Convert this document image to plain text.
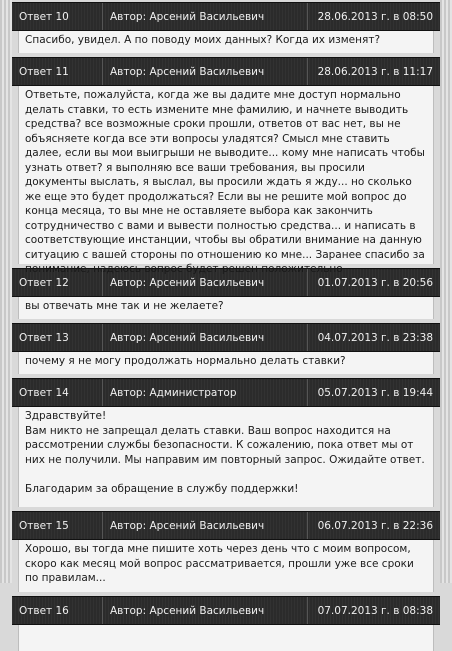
Ответ 10	Автор: Арсений Васильевич	28.06.2013 г. в 08:50
Спасибо, увидел. А по поводу моих данных? Когда их изменят?
Ответ 11	Автор: Арсений Васильевич	28.06.2013 г. в 11:17
Ответьте, пожалуйста, когда же вы дадите мне доступ нормально делать ставки, то есть измените мне фамилию, и начнете выводить средства? все возможные сроки прошли, ответов от вас нет, вы не объясняете когда все эти вопросы уладятся? Смысл мне ставить далее, если вы мои выигрыши не выводите... кому мне написать чтобы узнать ответ? я выполняю все ваши требования, вы просили документы выслать, я выслал, вы просили ждать я жду... но сколько же еще это будет продолжаться? Если вы не решите мой вопрос до конца месяца, то вы мне не оставляете выбора как закончить сотрудничество с вами и вывести полностью средства... и написать в соответствующие инстанции, чтобы вы обратили внимание на данную ситуацию с вашей стороны по отношению ко мне... Заранее спасибо за понимание, надеюсь вопрос будет решен положительно
Ответ 12	Автор: Арсений Васильевич	01.07.2013 г. в 20:56
вы отвечать мне так и не желаете?
Ответ 13	Автор: Арсений Васильевич	04.07.2013 г. в 23:38
почему я не могу продолжать нормально делать ставки?
Ответ 14	Автор: Администратор	05.07.2013 г. в 19:44
Здравствуйте!
Вам никто не запрещал делать ставки. Ваш вопрос находится на рассмотрении службы безопасности. К сожалению, пока ответ мы от них не получили. Мы направим им повторный запрос. Ожидайте ответ.

Благодарим за обращение в службу поддержки!
Ответ 15	Автор: Арсений Васильевич	06.07.2013 г. в 22:36
Хорошо, вы тогда мне пишите хоть через день что с моим вопросом, скоро как месяц мой вопрос рассматривается, прошли уже все сроки по правилам...
Ответ 16	Автор: Арсений Васильевич	07.07.2013 г. в 08:38
